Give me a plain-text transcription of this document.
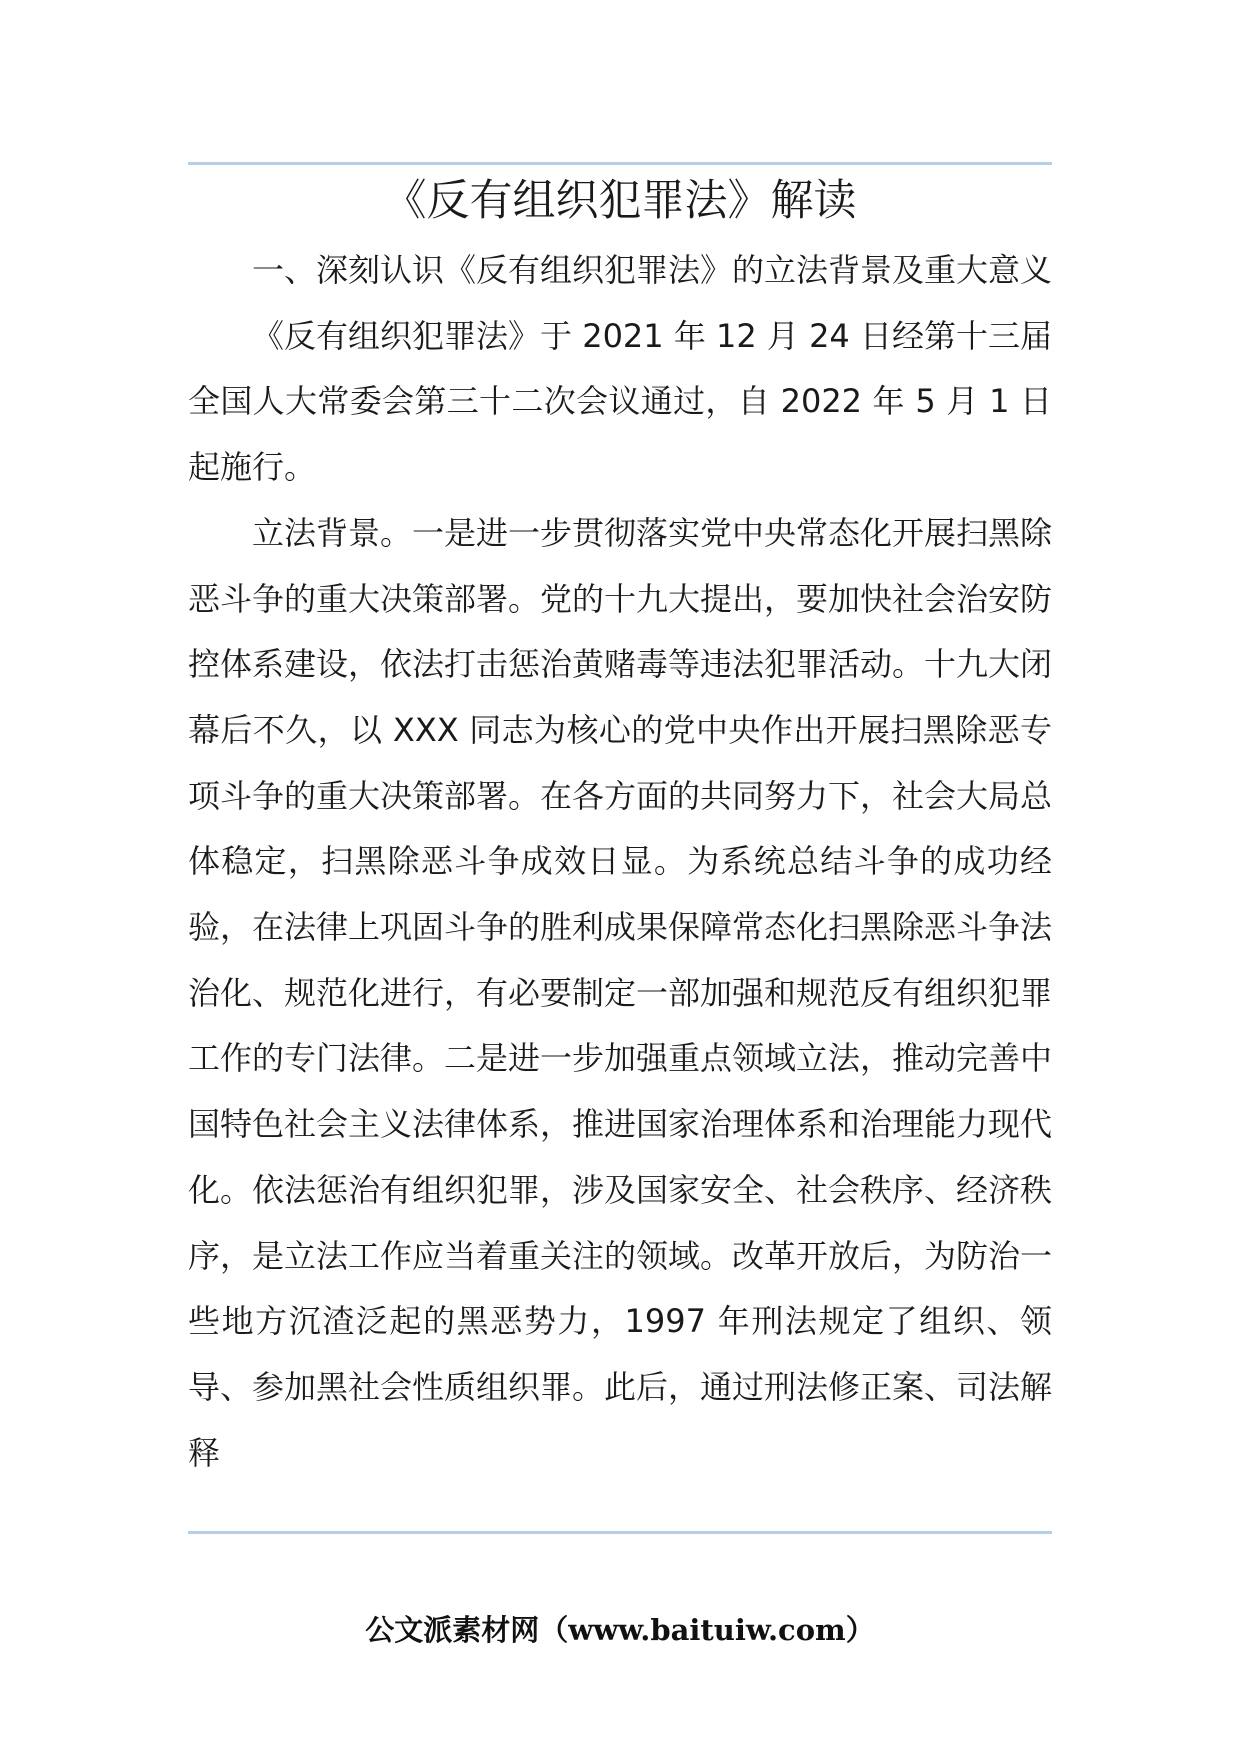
《反有组织犯罪法》解读

一、深刻认识《反有组织犯罪法》的立法背景及重大意义

《反有组织犯罪法》于 2021 年 12 月 24 日经第十三届全国人大常委会第三十二次会议通过，自 2022 年 5 月 1 日起施行。

立法背景。一是进一步贯彻落实党中央常态化开展扫黑除恶斗争的重大决策部署。党的十九大提出，要加快社会治安防控体系建设，依法打击惩治黄赌毒等违法犯罪活动。十九大闭幕后不久，以 XXX 同志为核心的党中央作出开展扫黑除恶专项斗争的重大决策部署。在各方面的共同努力下，社会大局总体稳定，扫黑除恶斗争成效日显。为系统总结斗争的成功经验，在法律上巩固斗争的胜利成果保障常态化扫黑除恶斗争法治化、规范化进行，有必要制定一部加强和规范反有组织犯罪工作的专门法律。二是进一步加强重点领域立法，推动完善中国特色社会主义法律体系，推进国家治理体系和治理能力现代化。依法惩治有组织犯罪，涉及国家安全、社会秩序、经济秩序，是立法工作应当着重关注的领域。改革开放后，为防治一些地方沉渣泛起的黑恶势力，1997 年刑法规定了组织、领导、参加黑社会性质组织罪。此后，通过刑法修正案、司法解释

公文派素材网（www.baituiw.com）
